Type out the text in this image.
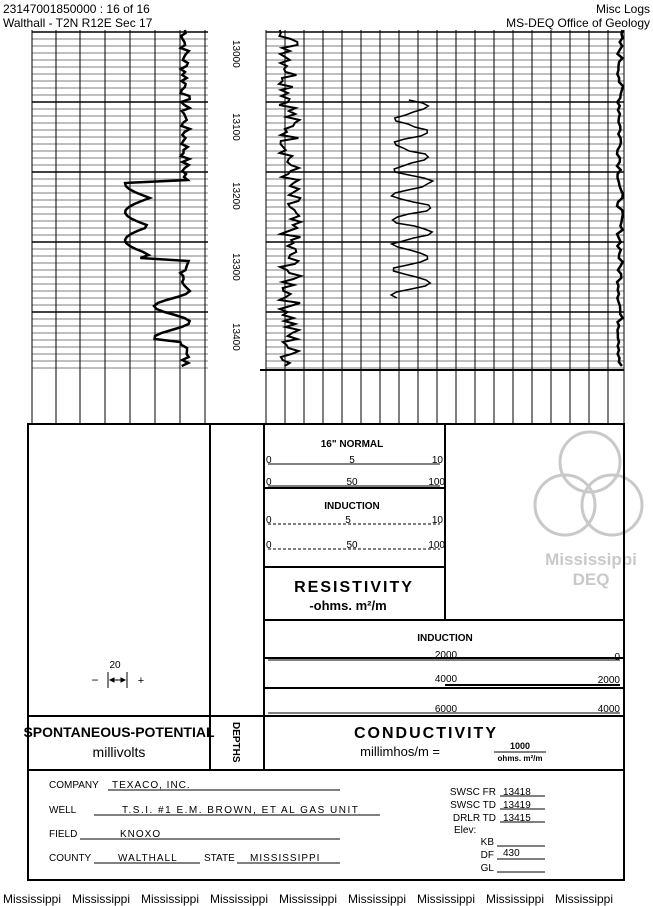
23147001850000 : 16 of 16
Walthall - T2N R12E Sec 17
Misc Logs
MS-DEQ Office of Geology
13000
13100
13200
13300
13400
Mississippi
DEQ
16" NORMAL
0	5	10
0	50	100
INDUCTION
0	5	10
0	50	100
RESISTIVITY
-ohms. m²/m
INDUCTION
2000	0
4000	2000
6000	4000
20
−	+
SPONTANEOUS-POTENTIAL
millivolts	DEPTHS	CONDUCTIVITY
millimhos/m =	1000
ohms. m²/m
COMPANY TEXACO, INC.
WELL	T.S.I. #1 E.M. BROWN, ET AL GAS UNIT
FIELD	KNOXO
COUNTY	WALTHALL	STATE MISSISSIPPI
SWSC FR 13418
SWSC TD 13419
DRLR TD 13415
Elev:
KB
DF 430
GL
Mississippi Mississippi Mississippi Mississippi Mississippi Mississippi Mississippi Mississippi Mississippi
